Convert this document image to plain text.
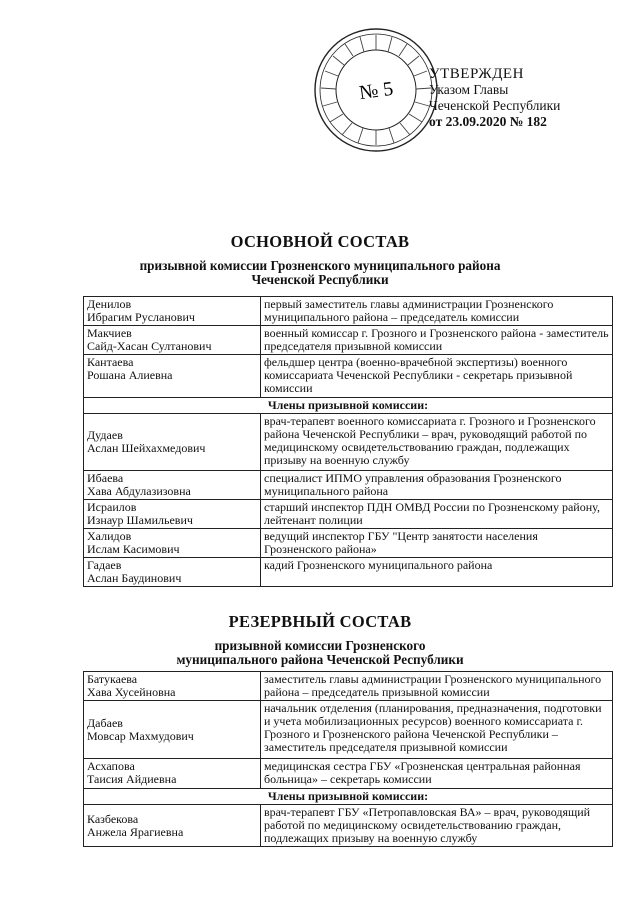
№ 5
УТВЕРЖДЕН
Указом Главы
Чеченской Республики
от 23.09.2020 № 182
ОСНОВНОЙ СОСТАВ
призывной комиссии Грозненского муниципального района
Чеченской Республики
Денилов
Ибрагим Русланович	первый заместитель главы администрации Грозненского муниципального района – председатель комиссии

Макчиев
Сайд-Хасан Султанович	военный комиссар г. Грозного и Грозненского района - заместитель председателя призывной комиссии

Кантаева
Рошана Алиевна	фельдшер центра (военно-врачебной экспертизы) военного комиссариата Чеченской Республики - секретарь призывной комиссии
Члены призывной комиссии:	

Дудаев
Аслан Шейхахмедович	врач-терапевт военного комиссариата г. Грозного и Грозненского района Чеченской Республики – врач, руководящий работой по медицинскому освидетельствованию граждан, подлежащих призыву на военную службу

Ибаева
Хава Абдулазизовна	специалист ИПМО управления образования Грозненского муниципального района

Исраилов
Изнаур Шамильевич	старший инспектор ПДН ОМВД России по Грозненскому району, лейтенант полиции

Халидов
Ислам Касимович	ведущий инспектор ГБУ "Центр занятости населения Грозненского района»

Гадаев
Аслан Баудинович	кадий Грозненского муниципального района
РЕЗЕРВНЫЙ СОСТАВ
призывной комиссии Грозненского
муниципального района Чеченской Республики
Батукаева
Хава Хусейновна	заместитель главы администрации Грозненского муниципального района – председатель призывной комиссии

Дабаев
Мовсар Махмудович	начальник отделения (планирования, предназначения, подготовки и учета мобилизационных ресурсов) военного комиссариата г. Грозного и Грозненского района Чеченской Республики – заместитель председателя призывной комиссии

Асхапова
Таисия Айдиевна	медицинская сестра ГБУ «Грозненская центральная районная больница» – секретарь комиссии
Члены призывной комиссии:	

Казбекова
Анжела Ярагиевна	врач-терапевт ГБУ «Петропавловская ВА» – врач, руководящий работой по медицинскому освидетельствованию граждан, подлежащих призыву на военную службу
